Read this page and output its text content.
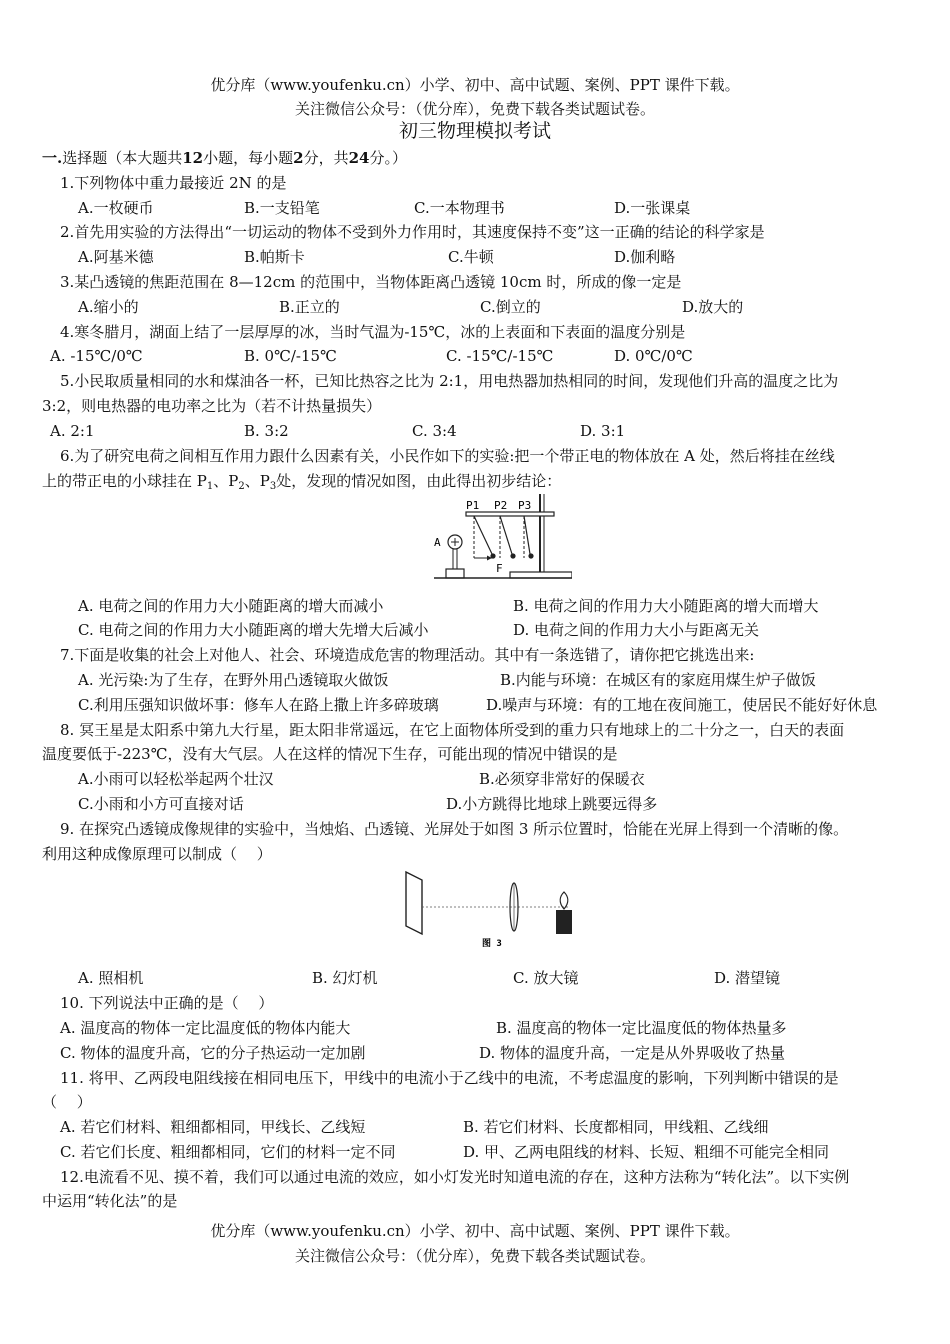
优分库（www.youfenku.cn）小学、初中、高中试题、案例、PPT 课件下载。
关注微信公众号：（优分库），免费下载各类试题试卷。
初三物理模拟考试
一.选择题（本大题共12小题，每小题2分，共24分。）
1.下列物体中重力最接近 2N 的是
A.一枚硬币	B.一支铅笔	C.一本物理书	D.一张课桌
2.首先用实验的方法得出“一切运动的物体不受到外力作用时，其速度保持不变”这一正确的结论的科学家是
A.阿基米德	B.帕斯卡	C.牛顿	D.伽利略
3.某凸透镜的焦距范围在 8—12cm 的范围中，当物体距离凸透镜 10cm 时，所成的像一定是
A.缩小的	B.正立的	C.倒立的	D.放大的
4.寒冬腊月，湖面上结了一层厚厚的冰，当时气温为-15℃，冰的上表面和下表面的温度分别是
A. -15℃/0℃	B. 0℃/-15℃	C. -15℃/-15℃	D. 0℃/0℃
5.小民取质量相同的水和煤油各一杯，已知比热容之比为 2:1，用电热器加热相同的时间，发现他们升高的温度之比为
3:2，则电热器的电功率之比为（若不计热量损失）
A. 2:1	B. 3:2	C. 3:4	D. 3:1
6.为了研究电荷之间相互作用力跟什么因素有关，小民作如下的实验:把一个带正电的物体放在 A 处，然后将挂在丝线
上的带正电的小球挂在 $P_1$、$P_2$、$P_3$处，发现的情况如图，由此得出初步结论：
P1 P2 P3
F
A
A. 电荷之间的作用力大小随距离的增大而减小	B. 电荷之间的作用力大小随距离的增大而增大
C. 电荷之间的作用力大小随距离的增大先增大后减小	D. 电荷之间的作用力大小与距离无关
7.下面是收集的社会上对他人、社会、环境造成危害的物理活动。其中有一条选错了，请你把它挑选出来:
A. 光污染:为了生存，在野外用凸透镜取火做饭	B.内能与环境：在城区有的家庭用煤生炉子做饭
C.利用压强知识做坏事：修车人在路上撒上许多碎玻璃	D.噪声与环境：有的工地在夜间施工，使居民不能好好休息
8. 冥王星是太阳系中第九大行星，距太阳非常遥远，在它上面物体所受到的重力只有地球上的二十分之一，白天的表面
温度要低于-223℃，没有大气层。人在这样的情况下生存，可能出现的情况中错误的是
A.小雨可以轻松举起两个壮汉	B.必须穿非常好的保暖衣
C.小雨和小方可直接对话	D.小方跳得比地球上跳要远得多
9. 在探究凸透镜成像规律的实验中，当烛焰、凸透镜、光屏处于如图 3 所示位置时，恰能在光屏上得到一个清晰的像。
利用这种成像原理可以制成（　 ）
图 3
A. 照相机	B. 幻灯机	C. 放大镜	D. 潜望镜
10. 下列说法中正确的是（　 ）
A. 温度高的物体一定比温度低的物体内能大	B. 温度高的物体一定比温度低的物体热量多
C. 物体的温度升高，它的分子热运动一定加剧	D. 物体的温度升高，一定是从外界吸收了热量
11. 将甲、乙两段电阻线接在相同电压下，甲线中的电流小于乙线中的电流，不考虑温度的影响，下列判断中错误的是
（　 ）
A. 若它们材料、粗细都相同，甲线长、乙线短	B. 若它们材料、长度都相同，甲线粗、乙线细
C. 若它们长度、粗细都相同，它们的材料一定不同	D. 甲、乙两电阻线的材料、长短、粗细不可能完全相同
12.电流看不见、摸不着，我们可以通过电流的效应，如小灯发光时知道电流的存在，这种方法称为“转化法”。以下实例
中运用“转化法”的是
优分库（www.youfenku.cn）小学、初中、高中试题、案例、PPT 课件下载。
关注微信公众号：（优分库），免费下载各类试题试卷。
